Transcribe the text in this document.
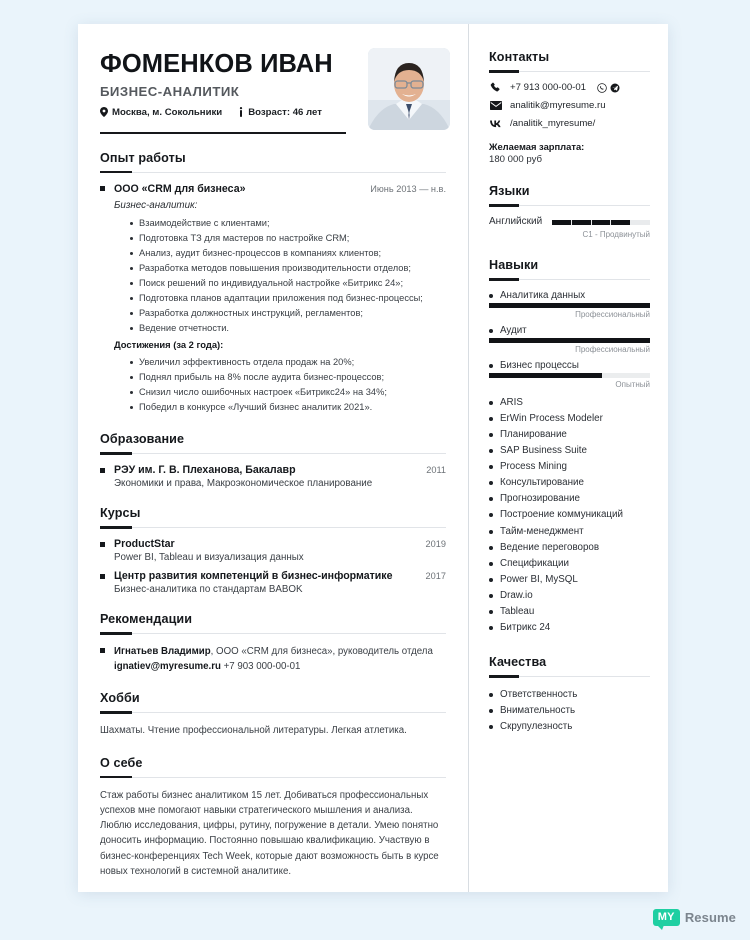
ФОМЕНКОВ ИВАН
БИЗНЕС-АНАЛИТИК
Москва, м. Сокольники	Возраст: 46 лет
Опыт работы
ООО «CRM для бизнеса»	Июнь 2013 — н.в.
Бизнес-аналитик:
Взаимодействие с клиентами;
Подготовка ТЗ для мастеров по настройке CRM;
Анализ, аудит бизнес-процессов в компаниях клиентов;
Разработка методов повышения производительности отделов;
Поиск решений по индивидуальной настройке «Битрикс 24»;
Подготовка планов адаптации приложения под бизнес-процессы;
Разработка должностных инструкций, регламентов;
Ведение отчетности.
Достижения (за 2 года):
Увеличил эффективность отдела продаж на 20%;
Поднял прибыль на 8% после аудита бизнес-процессов;
Снизил число ошибочных настроек «Битрикс24» на 34%;
Победил в конкурсе «Лучший бизнес аналитик 2021».
Образование
РЭУ им. Г. В. Плеханова, Бакалавр	2011
Экономики и права, Макроэкономическое планирование
Курсы
ProductStar	2019
Power BI, Tableau и визуализация данных
Центр развития компетенций в бизнес-информатике	2017
Бизнес-аналитика по стандартам BABOK
Рекомендации
Игнатьев Владимир, ООО «CRM для бизнеса», руководитель отдела
ignatiev@myresume.ru +7 903 000-00-01
Хобби
Шахматы. Чтение профессиональной литературы. Легкая атлетика.
О себе
Стаж работы бизнес аналитиком 15 лет. Добиваться профессиональных успехов мне помогают навыки стратегического мышления и анализа. Люблю исследования, цифры, рутину, погружение в детали. Умею понятно доносить информацию. Постоянно повышаю квалификацию. Участвую в бизнес-конференциях Tech Week, которые дают возможность быть в курсе новых технологий в системной аналитике.
Контакты
+7 913 000-00-01
analitik@myresume.ru
/analitik_myresume/
Желаемая зарплата:
180 000 руб
Языки
Английский
C1 - Продвинутый
Навыки
Аналитика данных
Профессиональный
Аудит
Профессиональный
Бизнес процессы
Опытный
ARIS
ErWin Process Modeler
Планирование
SAP Business Suite
Process Mining
Консультирование
Прогнозирование
Построение коммуникаций
Тайм-менеджмент
Ведение переговоров
Спецификации
Power BI, MySQL
Draw.io
Tableau
Битрикс 24
Качества
Ответственность
Внимательность
Скрупулезность
MY Resume
